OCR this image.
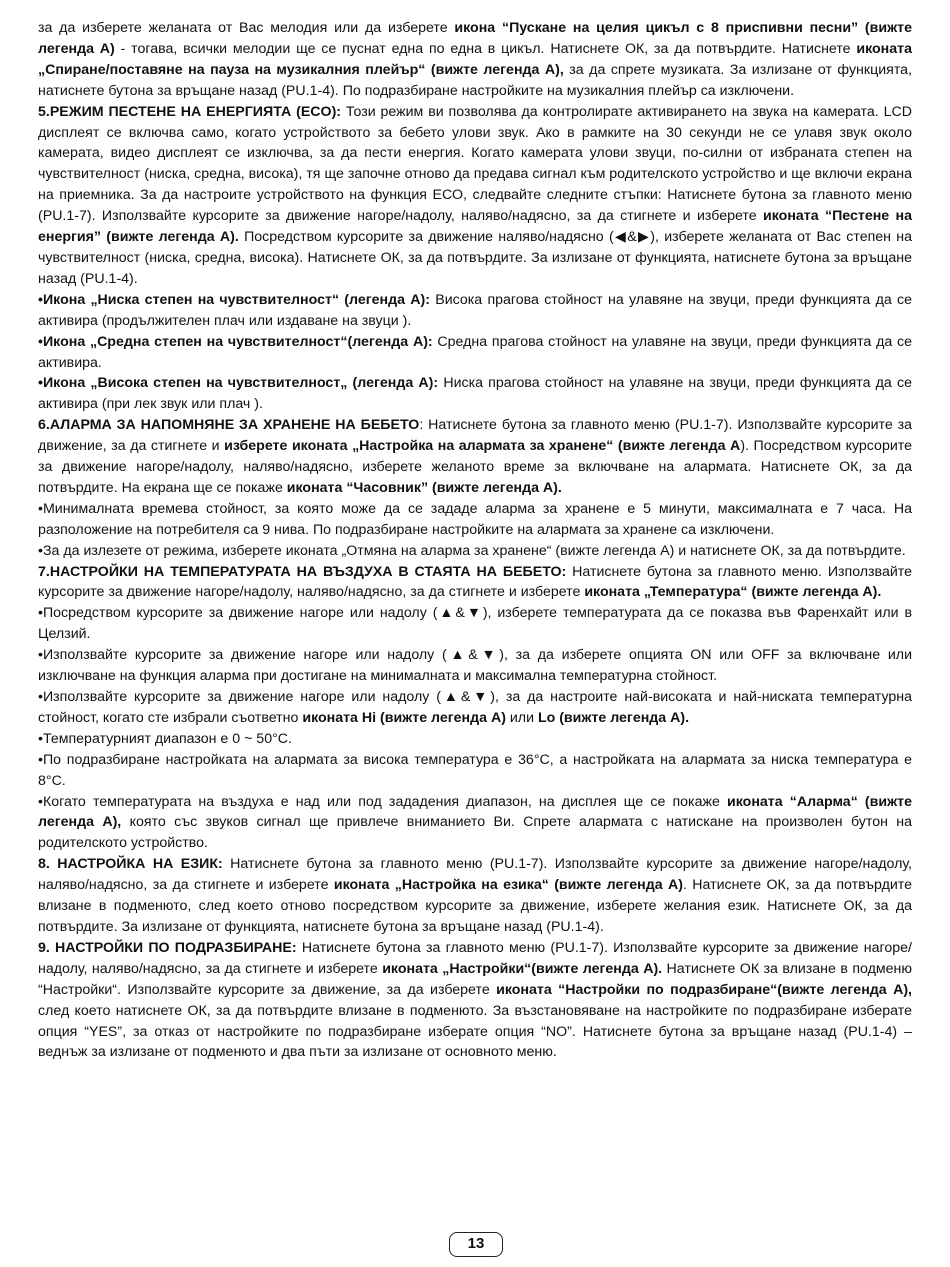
за да изберете желаната от Вас мелодия или да изберете икона “Пускане на целия цикъл с 8 приспивни песни” (вижте легенда А) - тогава, всички мелодии ще се пуснат една по една в цикъл. Натиснете ОК, за да потвърдите. Натиснете иконата „Спиране/поставяне на пауза на музикалния плейър“ (вижте легенда А), за да спрете музиката. За излизане от функцията, натиснете бутона за връщане назад (PU.1-4). По подразбиране настройките на музикалния плейър са изключени.

5.РЕЖИМ ПЕСТЕНЕ НА ЕНЕРГИЯТА (ECO): Този режим ви позволява да контролирате активирането на звука на камерата. LCD дисплеят се включва само, когато устройството за бебето улови звук. Ако в рамките на 30 секунди не се улавя звук около камерата, видео дисплеят се изключва, за да пести енергия. Когато камерата улови звуци, по-силни от избраната степен на чувствителност (ниска, средна, висока), тя ще започне отново да предава сигнал към родителското устройство и ще включи екрана на приемника. За да настроите устройството на функция ЕСО, следвайте следните стъпки: Натиснете бутона за главното меню (PU.1-7). Използвайте курсорите за движение нагоре/надолу, наляво/надясно, за да стигнете и изберете иконата “Пестене на енергия” (вижте легенда А). Посредством курсорите за движение наляво/надясно (◀&▶), изберете желаната от Вас степен на чувствителност (ниска, средна, висока). Натиснете ОК, за да потвърдите. За излизане от функцията, натиснете бутона за връщане назад (PU.1-4).

•Икона „Ниска степен на чувствителност“ (легенда А): Висока прагова стойност на улавяне на звуци, преди функцията да се активира (продължителен плач или издаване на звуци ).

•Икона „Средна степен на чувствителност“(легенда А): Средна прагова стойност на улавяне на звуци, преди функцията да се активира.

•Икона „Висока степен на чувствителност„ (легенда А): Ниска прагова стойност на улавяне на звуци, преди функцията да се активира (при лек звук или плач ).

6.АЛАРМА ЗА НАПОМНЯНЕ ЗА ХРАНЕНЕ НА БЕБЕТО: Натиснете бутона за главното меню (PU.1-7). Използвайте курсорите за движение, за да стигнете и изберете иконата „Настройка на алармата за хранене“ (вижте легенда А). Посредством курсорите за движение нагоре/надолу, наляво/надясно, изберете желаното време за включване на алармата. Натиснете ОК, за да потвърдите. На екрана ще се покаже иконата “Часовник” (вижте легенда А).

•Минималната времева стойност, за която може да се зададе аларма за хранене е 5 минути, максималната е 7 часа. На разположение на потребителя са 9 нива. По подразбиране настройките на алармата за хранене са изключени.

•За да излезете от режима, изберете иконата „Отмяна на аларма за хранене“ (вижте легенда А) и натиснете ОК, за да потвърдите.

7.НАСТРОЙКИ НА ТЕМПЕРАТУРАТА НА ВЪЗДУХА В СТАЯТА НА БЕБЕТО: Натиснете бутона за главното меню. Използвайте курсорите за движение нагоре/надолу, наляво/надясно, за да стигнете и изберете иконата „Температура“ (вижте легенда А).

•Посредством курсорите за движение нагоре или надолу (▲&▼), изберете температурата да се показва във Фаренхайт или в Целзий.

•Използвайте курсорите за движение нагоре или надолу (▲&▼), за да изберете опцията ON или OFF за включване или изключване на функция аларма при достигане на минималната и максимална температурна стойност.

•Използвайте курсорите за движение нагоре или надолу (▲&▼), за да настроите най-високата и най-ниската температурна стойност, когато сте избрали съответно иконата Hi (вижте легенда А) или Lo (вижте легенда А).

•Температурният диапазон е 0 ~ 50°C.

•По подразбиране настройката на алармата за висока температура е 36°C, а настройката на алармата за ниска температура е 8°C.

•Когато температурата на въздуха е над или под зададения диапазон, на дисплея ще се покаже иконата “Аларма“ (вижте легенда А), която със звуков сигнал ще привлече вниманието Ви. Спрете алармата с натискане на произволен бутон на родителското устройство.

8. НАСТРОЙКА НА ЕЗИК: Натиснете бутона за главното меню (PU.1-7). Използвайте курсорите за движение нагоре/надолу, наляво/надясно, за да стигнете и изберете иконата „Настройка на езика“ (вижте легенда А). Натиснете ОК, за да потвърдите влизане в подменюто, след което отново посредством курсорите за движение, изберете желания език. Натиснете ОК, за да потвърдите. За излизане от функцията, натиснете бутона за връщане назад (PU.1-4).

9. НАСТРОЙКИ ПО ПОДРАЗБИРАНЕ: Натиснете бутона за главното меню (PU.1-7). Използвайте курсорите за движение нагоре/надолу, наляво/надясно, за да стигнете и изберете иконата „Настройки“(вижте легенда А). Натиснете ОК за влизане в подменю “Настройки“. Използвайте курсорите за движение, за да изберете иконата “Настройки по подразбиране“(вижте легенда А), след което натиснете ОК, за да потвърдите влизане в подменюто. За възстановяване на настройките по подразбиране изберате опция “YES”, за отказ от настройките по подразбиране изберате опция “NO”. Натиснете бутона за връщане назад (PU.1-4) – веднъж за излизане от подменюто и два пъти за излизане от основното меню.

13
